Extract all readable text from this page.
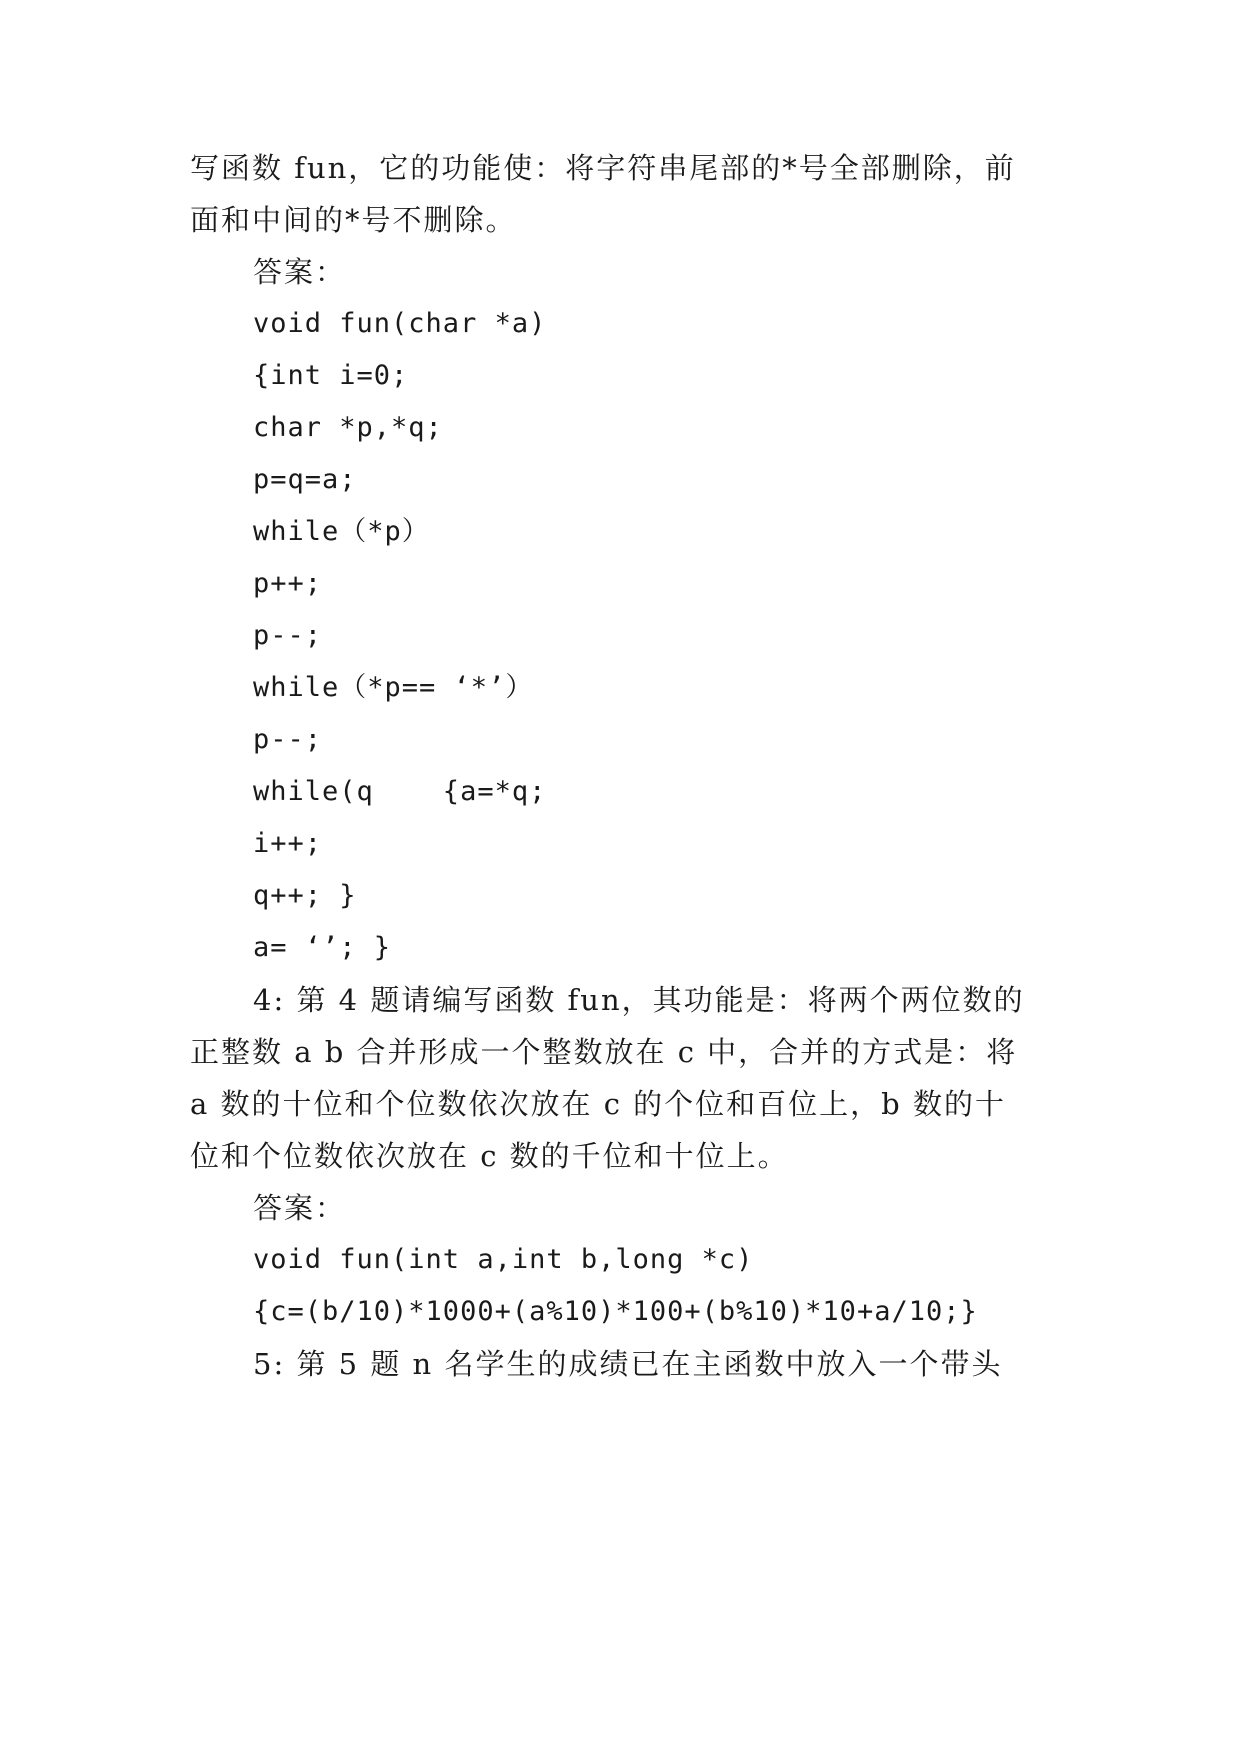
写函数 fun，它的功能使：将字符串尾部的*号全部删除，前
面和中间的*号不删除。
答案：
void fun(char *a)
{int i=0;
char *p,*q;
p=q=a;
while（*p）
p++;
p--;
while（*p== ‘*’）
p--;
while(q    {a=*q;
i++;
q++; }
a= ‘’; }
4: 第 4 题请编写函数 fun，其功能是：将两个两位数的
正整数 a b 合并形成一个整数放在 c 中，合并的方式是：将
a 数的十位和个位数依次放在 c 的个位和百位上，b 数的十
位和个位数依次放在 c 数的千位和十位上。
答案：
void fun(int a,int b,long *c)
{c=(b/10)*1000+(a%10)*100+(b%10)*10+a/10;}
5: 第 5 题 n 名学生的成绩已在主函数中放入一个带头
